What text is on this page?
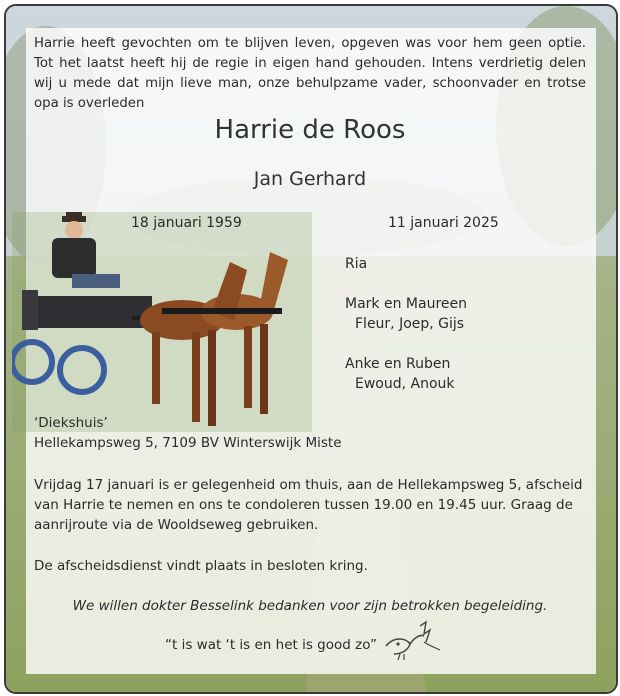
Harrie heeft gevochten om te blijven leven, opgeven was voor hem geen optie. Tot het laatst heeft hij de regie in eigen hand gehouden. Intens verdrietig delen wij u mede dat mijn lieve man, onze behulpzame vader, schoonvader en trotse opa is overleden
Harrie de Roos
Jan Gerhard
18 januari 1959	11 januari 2025
Ria
Mark en Maureen
Fleur, Joep, Gijs
Anke en Ruben
Ewoud, Anouk
‘Diekshuis’
Hellekampsweg 5, 7109 BV Winterswijk Miste
Vrijdag 17 januari is er gelegenheid om thuis, aan de Hellekampsweg 5, afscheid van Harrie te nemen en ons te condoleren tussen 19.00 en 19.45 uur. Graag de aanrijroute via de Wooldseweg gebruiken.
De afscheidsdienst vindt plaats in besloten kring.
We willen dokter Besselink bedanken voor zijn betrokken begeleiding.
“t is wat ‘t is en het is good zo”
